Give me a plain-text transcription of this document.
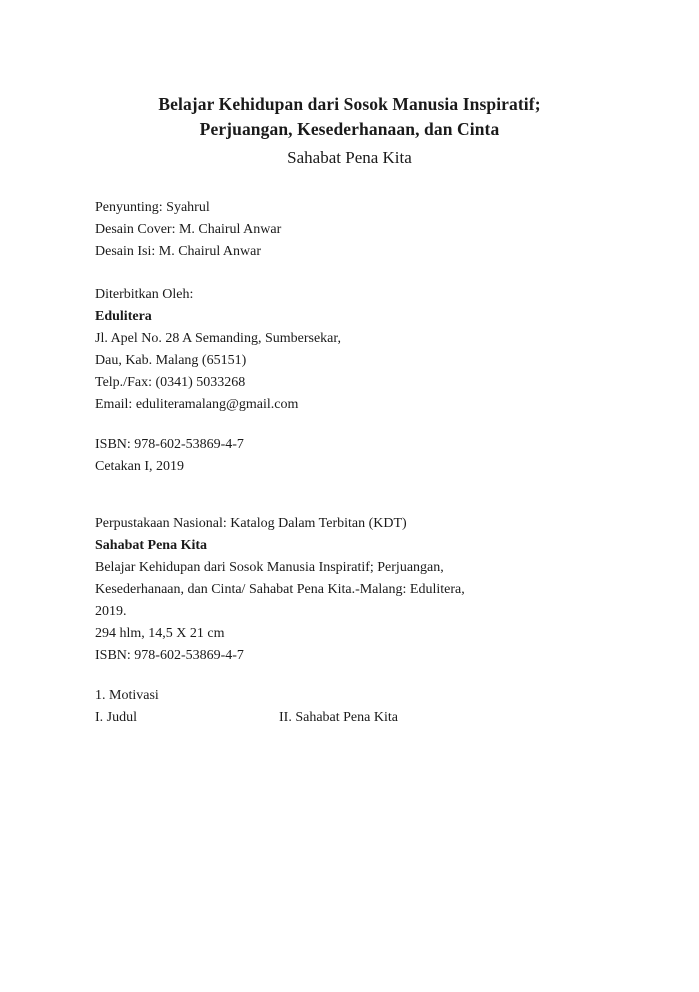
Belajar Kehidupan dari Sosok Manusia Inspiratif;
Perjuangan, Kesederhanaan, dan Cinta
Sahabat Pena Kita
Penyunting: Syahrul
Desain Cover: M. Chairul Anwar
Desain Isi: M. Chairul Anwar
Diterbitkan Oleh:
Edulitera
Jl. Apel No. 28 A Semanding, Sumbersekar,
Dau, Kab. Malang (65151)
Telp./Fax: (0341) 5033268
Email: eduliteramalang@gmail.com
ISBN: 978-602-53869-4-7
Cetakan I, 2019
Perpustakaan Nasional: Katalog Dalam Terbitan (KDT)
Sahabat Pena Kita
Belajar Kehidupan dari Sosok Manusia Inspiratif; Perjuangan,
Kesederhanaan, dan Cinta/ Sahabat Pena Kita.-Malang: Edulitera,
2019.
294 hlm, 14,5 X 21 cm
ISBN: 978-602-53869-4-7
1. Motivasi
I. Judul	II. Sahabat Pena Kita
